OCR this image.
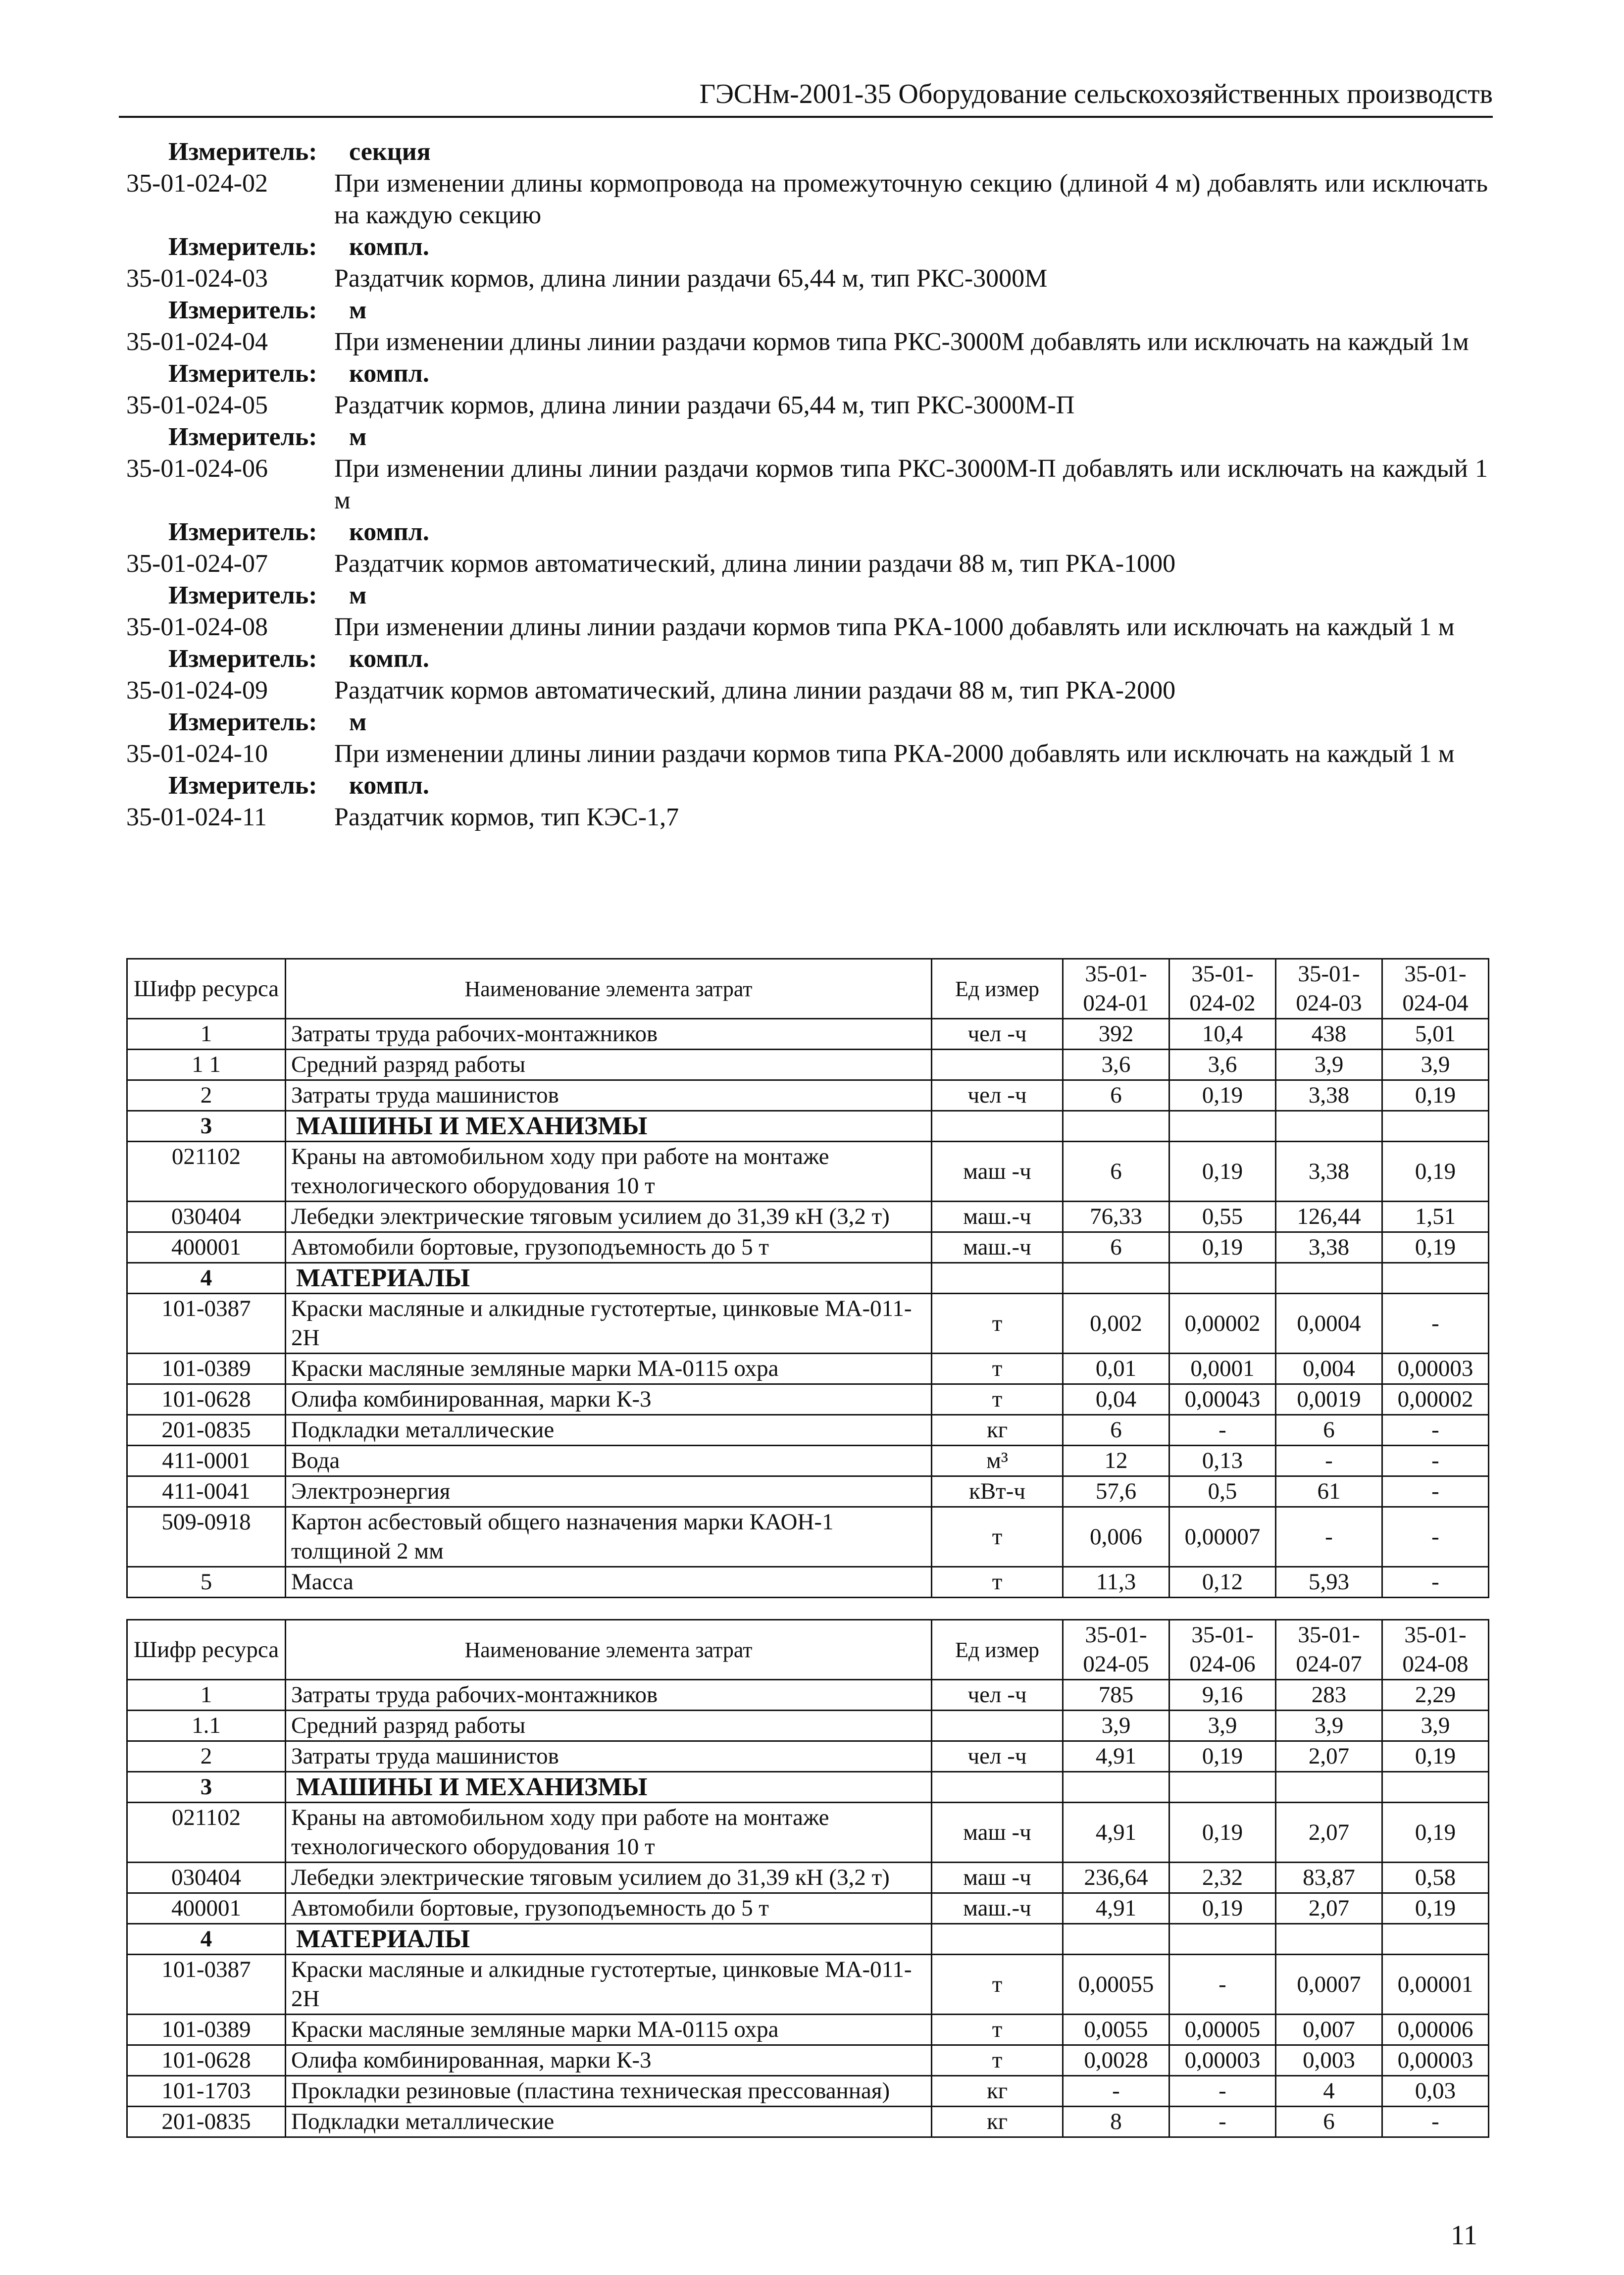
ГЭСНм-2001-35 Оборудование сельскохозяйственных производств
Измеритель: секция
35-01-024-02	При изменении длины кормопровода на промежуточную секцию (длиной 4 м) добавлять или исключать на каждую секцию
Измеритель: компл.
35-01-024-03	Раздатчик кормов, длина линии раздачи 65,44 м, тип РКС-3000М
Измеритель: м
35-01-024-04	При изменении длины линии раздачи кормов типа РКС-3000М добавлять или исключать на каждый 1м
Измеритель: компл.
35-01-024-05	Раздатчик кормов, длина линии раздачи 65,44 м, тип РКС-3000М-П
Измеритель: м
35-01-024-06	При изменении длины линии раздачи кормов типа РКС-3000М-П добавлять или исключать на каждый 1 м
Измеритель: компл.
35-01-024-07	Раздатчик кормов автоматический, длина линии раздачи 88 м, тип РКА-1000
Измеритель: м
35-01-024-08	При изменении длины линии раздачи кормов типа РКА-1000 добавлять или исключать на каждый 1 м
Измеритель: компл.
35-01-024-09	Раздатчик кормов автоматический, длина линии раздачи 88 м, тип РКА-2000
Измеритель: м
35-01-024-10	При изменении длины линии раздачи кормов типа РКА-2000 добавлять или исключать на каждый 1 м
Измеритель: компл.
35-01-024-11	Раздатчик кормов, тип КЭС-1,7
Шифр ресурса	Наименование элемента затрат	Ед измер	35-01-024-01	35-01-024-02	35-01-024-03	35-01-024-04
1	Затраты труда рабочих-монтажников	чел -ч	392	10,4	438	5,01
1 1	Средний разряд работы		3,6	3,6	3,9	3,9
2	Затраты труда машинистов	чел -ч	6	0,19	3,38	0,19
3	МАШИНЫ И МЕХАНИЗМЫ					
021102	Краны на автомобильном ходу при работе на монтаже технологического оборудования 10 т	маш -ч	6	0,19	3,38	0,19
030404	Лебедки электрические тяговым усилием до 31,39 кН (3,2 т)	маш.-ч	76,33	0,55	126,44	1,51
400001	Автомобили бортовые, грузоподъемность до 5 т	маш.-ч	6	0,19	3,38	0,19
4	МАТЕРИАЛЫ					
101-0387	Краски масляные и алкидные густотертые, цинковые МА-011-2Н	т	0,002	0,00002	0,0004	-
101-0389	Краски масляные земляные марки МА-0115 охра	т	0,01	0,0001	0,004	0,00003
101-0628	Олифа комбинированная, марки К-3	т	0,04	0,00043	0,0019	0,00002
201-0835	Подкладки металлические	кг	6	-	6	-
411-0001	Вода	м³	12	0,13	-	-
411-0041	Электроэнергия	кВт-ч	57,6	0,5	61	-
509-0918	Картон асбестовый общего назначения марки КАОН-1 толщиной 2 мм	т	0,006	0,00007	-	-
5	Масса	т	11,3	0,12	5,93	-
Шифр ресурса	Наименование элемента затрат	Ед измер	35-01-024-05	35-01-024-06	35-01-024-07	35-01-024-08
1	Затраты труда рабочих-монтажников	чел -ч	785	9,16	283	2,29
1.1	Средний разряд работы		3,9	3,9	3,9	3,9
2	Затраты труда машинистов	чел -ч	4,91	0,19	2,07	0,19
3	МАШИНЫ И МЕХАНИЗМЫ					
021102	Краны на автомобильном ходу при работе на монтаже технологического оборудования 10 т	маш -ч	4,91	0,19	2,07	0,19
030404	Лебедки электрические тяговым усилием до 31,39 кН (3,2 т)	маш -ч	236,64	2,32	83,87	0,58
400001	Автомобили бортовые, грузоподъемность до 5 т	маш.-ч	4,91	0,19	2,07	0,19
4	МАТЕРИАЛЫ					
101-0387	Краски масляные и алкидные густотертые, цинковые МА-011-2Н	т	0,00055	-	0,0007	0,00001
101-0389	Краски масляные земляные марки МА-0115 охра	т	0,0055	0,00005	0,007	0,00006
101-0628	Олифа комбинированная, марки К-3	т	0,0028	0,00003	0,003	0,00003
101-1703	Прокладки резиновые (пластина техническая прессованная)	кг	-	-	4	0,03
201-0835	Подкладки металлические	кг	8	-	6	-
11
